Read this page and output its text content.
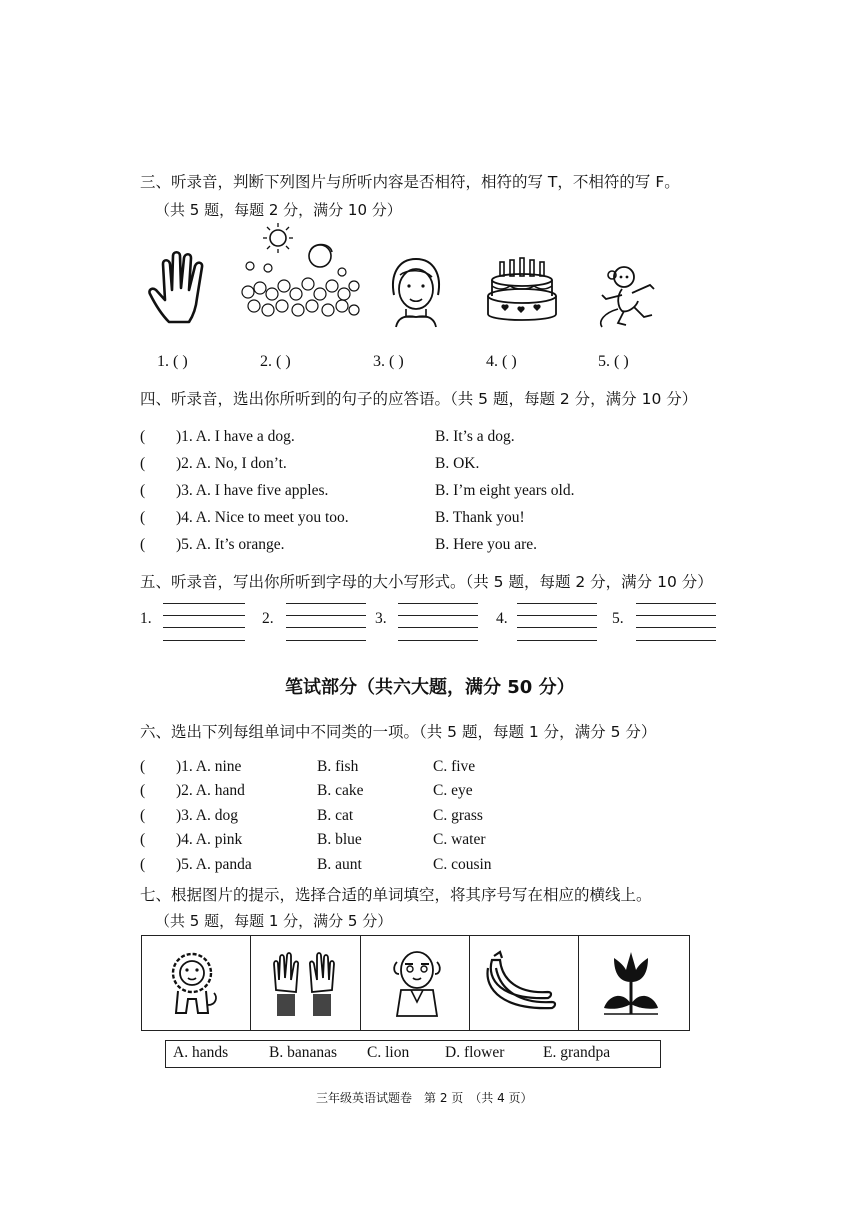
三、听录音，判断下列图片与所听内容是否相符，相符的写 T，不相符的写 F。
（共 5 题，每题 2 分，满分 10 分）
1. ( )	2. ( )	3. ( )	4. ( )	5. ( )
四、听录音，选出你所听到的句子的应答语。（共 5 题，每题 2 分，满分 10 分）
( )1. A. I have a dog.	B. It’s a dog.
( )2. A. No, I don’t.	B. OK.
( )3. A. I have five apples.	B. I’m eight years old.
( )4. A. Nice to meet you too.	B. Thank you!
( )5. A. It’s orange.	B. Here you are.
五、听录音，写出你所听到字母的大小写形式。（共 5 题，每题 2 分，满分 10 分）
1.	2.	3.	4.	5.
笔试部分（共六大题，满分 50 分）
六、选出下列每组单词中不同类的一项。（共 5 题，每题 1 分，满分 5 分）
( )1. A. nine	B. fish	C. five
( )2. A. hand	B. cake	C. eye
( )3. A. dog	B. cat	C. grass
( )4. A. pink	B. blue	C. water
( )5. A. panda	B. aunt	C. cousin
七、根据图片的提示，选择合适的单词填空，将其序号写在相应的横线上。
（共 5 题，每题 1 分，满分 5 分）
A. hands	B. bananas C. lion D. flower E. grandpa
三年级英语试题卷　第 2 页　（共 4 页）
